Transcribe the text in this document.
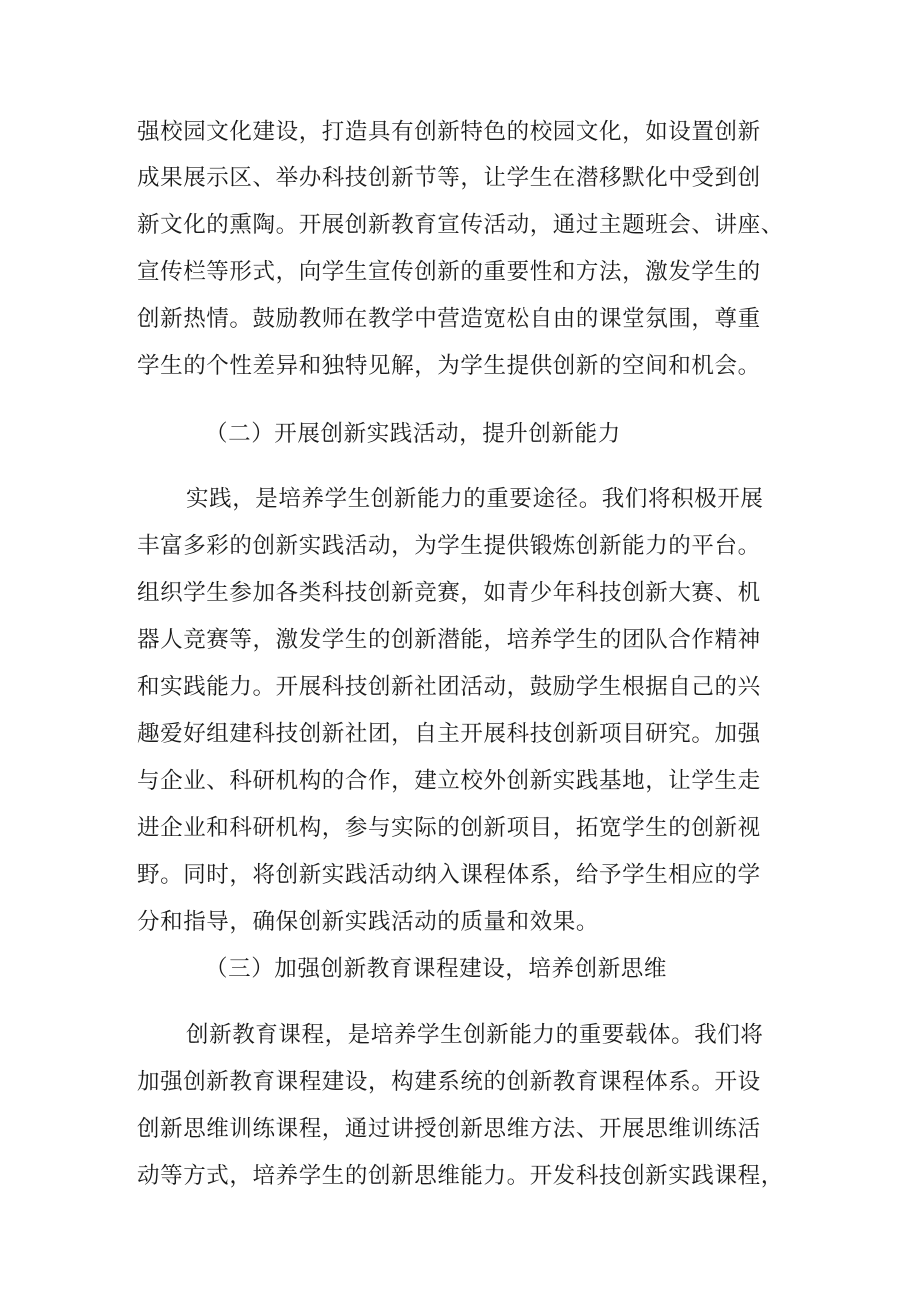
强校园文化建设，打造具有创新特色的校园文化，如设置创新
成果展示区、举办科技创新节等，让学生在潜移默化中受到创
新文化的熏陶。开展创新教育宣传活动，通过主题班会、讲座、
宣传栏等形式，向学生宣传创新的重要性和方法，激发学生的
创新热情。鼓励教师在教学中营造宽松自由的课堂氛围，尊重
学生的个性差异和独特见解，为学生提供创新的空间和机会。
（二）开展创新实践活动，提升创新能力
实践，是培养学生创新能力的重要途径。我们将积极开展
丰富多彩的创新实践活动，为学生提供锻炼创新能力的平台。
组织学生参加各类科技创新竞赛，如青少年科技创新大赛、机
器人竞赛等，激发学生的创新潜能，培养学生的团队合作精神
和实践能力。开展科技创新社团活动，鼓励学生根据自己的兴
趣爱好组建科技创新社团，自主开展科技创新项目研究。加强
与企业、科研机构的合作，建立校外创新实践基地，让学生走
进企业和科研机构，参与实际的创新项目，拓宽学生的创新视
野。同时，将创新实践活动纳入课程体系，给予学生相应的学
分和指导，确保创新实践活动的质量和效果。
（三）加强创新教育课程建设，培养创新思维
创新教育课程，是培养学生创新能力的重要载体。我们将
加强创新教育课程建设，构建系统的创新教育课程体系。开设
创新思维训练课程，通过讲授创新思维方法、开展思维训练活
动等方式，培养学生的创新思维能力。开发科技创新实践课程，
